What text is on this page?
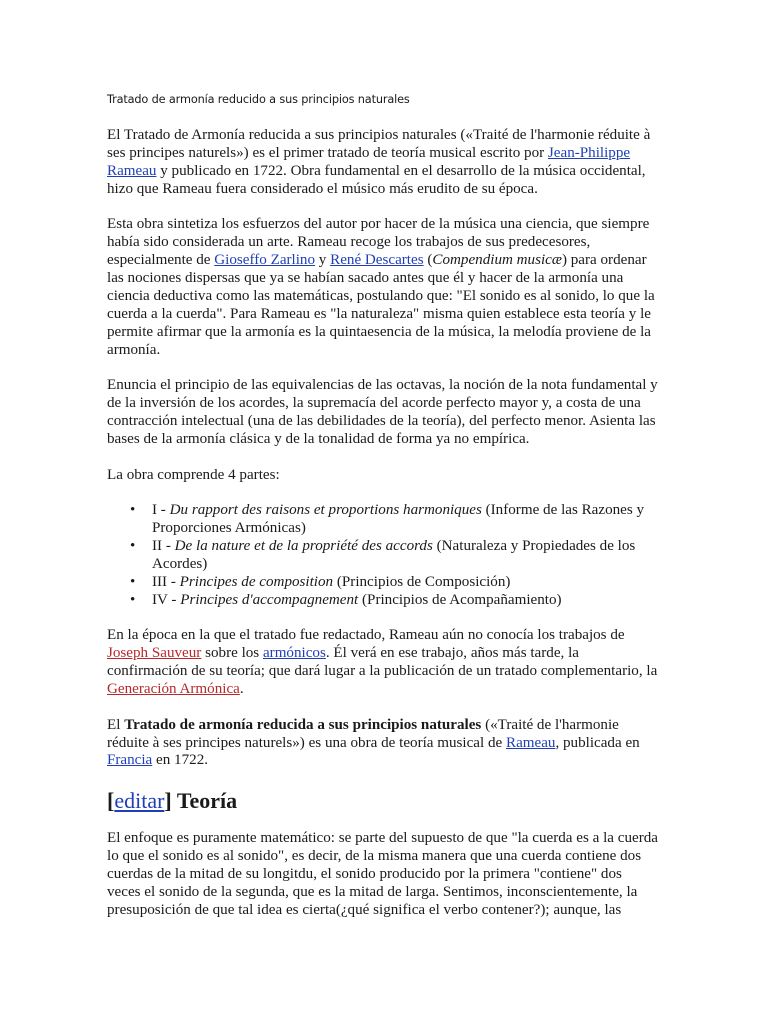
Tratado de armonía reducido a sus principios naturales

El Tratado de Armonía reducida a sus principios naturales («Traité de l'harmonie réduite à ses principes naturels») es el primer tratado de teoría musical escrito por Jean-Philippe Rameau y publicado en 1722. Obra fundamental en el desarrollo de la música occidental, hizo que Rameau fuera considerado el músico más erudito de su época.

Esta obra sintetiza los esfuerzos del autor por hacer de la música una ciencia, que siempre había sido considerada un arte. Rameau recoge los trabajos de sus predecesores, especialmente de Gioseffo Zarlino y René Descartes (Compendium musicæ) para ordenar las nociones dispersas que ya se habían sacado antes que él y hacer de la armonía una ciencia deductiva como las matemáticas, postulando que: "El sonido es al sonido, lo que la cuerda a la cuerda". Para Rameau es "la naturaleza" misma quien establece esta teoría y le permite afirmar que la armonía es la quintaesencia de la música, la melodía proviene de la armonía.

Enuncia el principio de las equivalencias de las octavas, la noción de la nota fundamental y de la inversión de los acordes, la supremacía del acorde perfecto mayor y, a costa de una contracción intelectual (una de las debilidades de la teoría), del perfecto menor. Asienta las bases de la armonía clásica y de la tonalidad de forma ya no empírica.

La obra comprende 4 partes:

• I - Du rapport des raisons et proportions harmoniques (Informe de las Razones y Proporciones Armónicas)
• II - De la nature et de la propriété des accords (Naturaleza y Propiedades de los Acordes)
• III - Principes de composition (Principios de Composición)
• IV - Principes d'accompagnement (Principios de Acompañamiento)

En la época en la que el tratado fue redactado, Rameau aún no conocía los trabajos de Joseph Sauveur sobre los armónicos. Él verá en ese trabajo, años más tarde, la confirmación de su teoría; que dará lugar a la publicación de un tratado complementario, la Generación Armónica.

El Tratado de armonía reducida a sus principios naturales («Traité de l'harmonie réduite à ses principes naturels») es una obra de teoría musical de Rameau, publicada en Francia en 1722.

[editar] Teoría

El enfoque es puramente matemático: se parte del supuesto de que "la cuerda es a la cuerda lo que el sonido es al sonido", es decir, de la misma manera que una cuerda contiene dos cuerdas de la mitad de su longitdu, el sonido producido por la primera "contiene" dos veces el sonido de la segunda, que es la mitad de larga. Sentimos, inconscientemente, la presuposición de que tal idea es cierta(¿qué significa el verbo contener?); aunque, las
